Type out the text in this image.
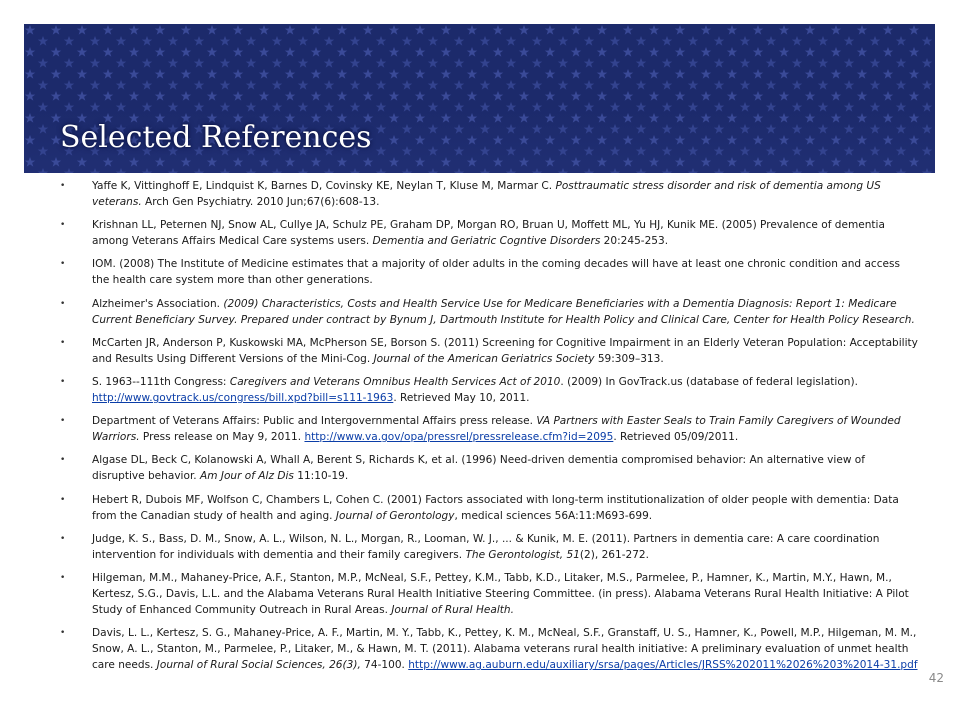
Selected References
•	Yaffe K, Vittinghoff E, Lindquist K, Barnes D, Covinsky KE, Neylan T, Kluse M, Marmar C. Posttraumatic stress disorder and risk of dementia among US veterans. Arch Gen Psychiatry. 2010 Jun;67(6):608-13.
•	Krishnan LL, Peternen NJ, Snow AL, Cullye JA, Schulz PE, Graham DP, Morgan RO, Bruan U, Moffett ML, Yu HJ, Kunik ME. (2005) Prevalence of dementia among Veterans Affairs Medical Care systems users. Dementia and Geriatric Cogntive Disorders 20:245-253.
•	IOM. (2008) The Institute of Medicine estimates that a majority of older adults in the coming decades will have at least one chronic condition and access the health care system more than other generations.
•	Alzheimer's Association. (2009) Characteristics, Costs and Health Service Use for Medicare Beneficiaries with a Dementia Diagnosis: Report 1: Medicare Current Beneficiary Survey. Prepared under contract by Bynum J, Dartmouth Institute for Health Policy and Clinical Care, Center for Health Policy Research.
•	McCarten JR, Anderson P, Kuskowski MA, McPherson SE, Borson S. (2011) Screening for Cognitive Impairment in an Elderly Veteran Population: Acceptability and Results Using Different Versions of the Mini-Cog. Journal of the American Geriatrics Society 59:309–313.
•	S. 1963--111th Congress: Caregivers and Veterans Omnibus Health Services Act of 2010. (2009) In GovTrack.us (database of federal legislation). http://www.govtrack.us/congress/bill.xpd?bill=s111-1963. Retrieved May 10, 2011.
•	Department of Veterans Affairs: Public and Intergovernmental Affairs press release. VA Partners with Easter Seals to Train Family Caregivers of Wounded Warriors. Press release on May 9, 2011. http://www.va.gov/opa/pressrel/pressrelease.cfm?id=2095. Retrieved 05/09/2011.
•	Algase DL, Beck C, Kolanowski A, Whall A, Berent S, Richards K, et al. (1996) Need-driven dementia compromised behavior: An alternative view of disruptive behavior. Am Jour of Alz Dis 11:10-19.
•	Hebert R, Dubois MF, Wolfson C, Chambers L, Cohen C. (2001) Factors associated with long-term institutionalization of older people with dementia: Data from the Canadian study of health and aging. Journal of Gerontology, medical sciences 56A:11:M693-699.
•	Judge, K. S., Bass, D. M., Snow, A. L., Wilson, N. L., Morgan, R., Looman, W. J., ... & Kunik, M. E. (2011). Partners in dementia care: A care coordination intervention for individuals with dementia and their family caregivers. The Gerontologist, 51(2), 261-272.
•	Hilgeman, M.M., Mahaney-Price, A.F., Stanton, M.P., McNeal, S.F., Pettey, K.M., Tabb, K.D., Litaker, M.S., Parmelee, P., Hamner, K., Martin, M.Y., Hawn, M., Kertesz, S.G., Davis, L.L. and the Alabama Veterans Rural Health Initiative Steering Committee. (in press). Alabama Veterans Rural Health Initiative: A Pilot Study of Enhanced Community Outreach in Rural Areas. Journal of Rural Health.
•	Davis, L. L., Kertesz, S. G., Mahaney-Price, A. F., Martin, M. Y., Tabb, K., Pettey, K. M., McNeal, S.F., Granstaff, U. S., Hamner, K., Powell, M.P., Hilgeman, M. M., Snow, A. L., Stanton, M., Parmelee, P., Litaker, M., & Hawn, M. T. (2011). Alabama veterans rural health initiative: A preliminary evaluation of unmet health care needs. Journal of Rural Social Sciences, 26(3), 74-100. http://www.ag.auburn.edu/auxiliary/srsa/pages/Articles/JRSS%202011%2026%203%2014-31.pdf
42
